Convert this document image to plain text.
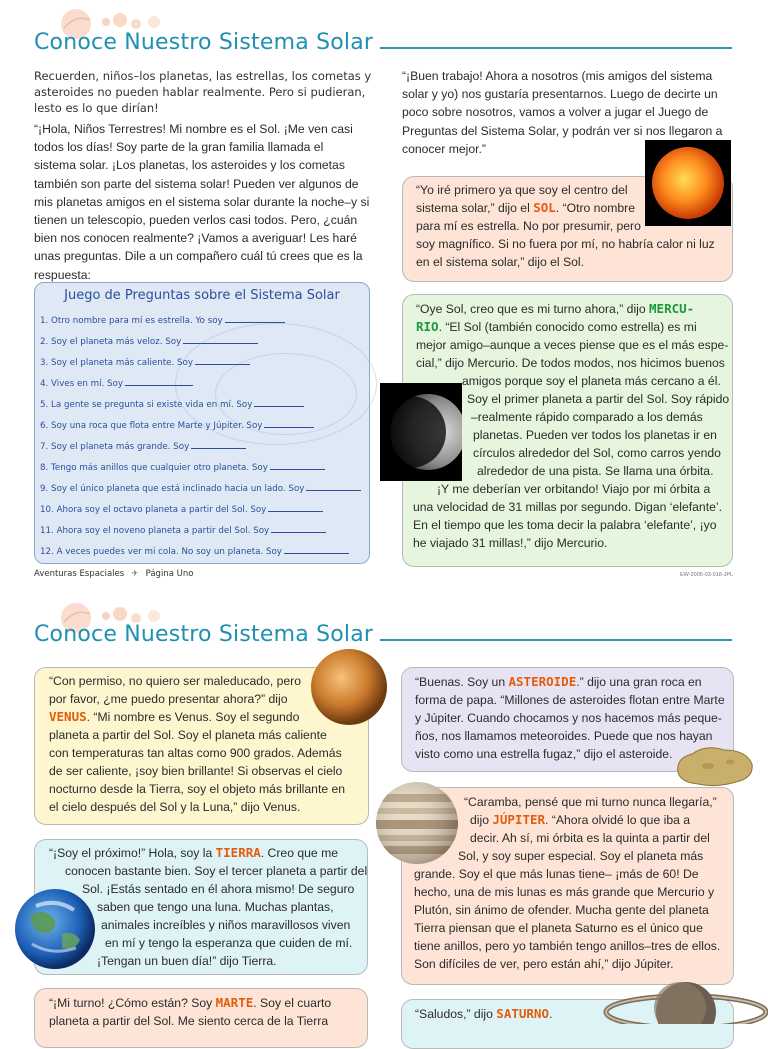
Conoce Nuestro Sistema Solar
Recuerden, niños–los planetas, las estrellas, los cometas y
asteroides no pueden hablar realmente. Pero si pudieran,
lesto es lo que dirían!
“¡Hola, Niños Terrestres! Mi nombre es el Sol. ¡Me ven casi
todos los días! Soy parte de la gran familia llamada el
sistema solar. ¡Los planetas, los asteroides y los cometas
también son parte del sistema solar! Pueden ver algunos de
mis planetas amigos en el sistema solar durante la noche–y si
tienen un telescopio, pueden verlos casi todos. Pero, ¿cuán
bien nos conocen realmente? ¡Vamos a averiguar! Les haré
unas preguntas. Dile a un compañero cuál tú crees que es la
respuesta:
Juego de Preguntas sobre el Sistema Solar
1. Otro nombre para mí es estrella. Yo soy
2. Soy el planeta más veloz. Soy
3. Soy el planeta más caliente. Soy
4. Vives en mí. Soy
5. La gente se pregunta si existe vida en mí. Soy
6. Soy una roca que flota entre Marte y Júpiter. Soy
7. Soy el planeta más grande. Soy
8. Tengo más anillos que cualquier otro planeta. Soy
9. Soy el único planeta que está inclinado hacia un lado. Soy
10. Ahora soy el octavo planeta a partir del Sol. Soy
11. Ahora soy el noveno planeta a partir del Sol. Soy
12. A veces puedes ver mi cola. No soy un planeta. Soy
Aventuras Espaciales ✈ Página Uno	EW-2005-03-018-JPL
“¡Buen trabajo! Ahora a nosotros (mis amigos del sistema
solar y yo) nos gustaría presentarnos. Luego de decirte un
poco sobre nosotros, vamos a volver a jugar el Juego de
Preguntas del Sistema Solar, y podrán ver si nos llegaron a
conocer mejor.”
“Yo iré primero ya que soy el centro del
sistema solar,” dijo el SOL. “Otro nombre
para mí es estrella. No por presumir, pero
soy magnífico. Si no fuera por mí, no habría calor ni luz
en el sistema solar,” dijo el Sol.
“Oye Sol, creo que es mi turno ahora,” dijo MERCU-
RIO. “El Sol (también conocido como estrella) es mi
mejor amigo–aunque a veces piense que es el más espe-
cial,” dijo Mercurio. De todos modos, nos hicimos buenos
amigos porque soy el planeta más cercano a él.
Soy el primer planeta a partir del Sol. Soy rápido
–realmente rápido comparado a los demás
planetas. Pueden ver todos los planetas ir en
círculos alrededor del Sol, como carros yendo
alrededor de una pista. Se llama una órbita.
¡Y me deberían ver orbitando! Viajo por mi órbita a
una velocidad de 31 millas por segundo. Digan ‘elefante’.
En el tiempo que les toma decir la palabra ‘elefante’, ¡yo
he viajado 31 millas!,” dijo Mercurio.
Conoce Nuestro Sistema Solar
“Con permiso, no quiero ser maleducado, pero
por favor, ¿me puedo presentar ahora?” dijo
VENUS. “Mi nombre es Venus. Soy el segundo
planeta a partir del Sol. Soy el planeta más caliente
con temperaturas tan altas como 900 grados. Además
de ser caliente, ¡soy bien brillante! Si observas el cielo
nocturno desde la Tierra, soy el objeto más brillante en
el cielo después del Sol y la Luna,” dijo Venus.
“¡Soy el próximo!” Hola, soy la TIERRA. Creo que me
conocen bastante bien. Soy el tercer planeta a partir del
Sol. ¡Estás sentado en él ahora mismo! De seguro
saben que tengo una luna. Muchas plantas,
animales increíbles y niños maravillosos viven
en mí y tengo la esperanza que cuiden de mí.
¡Tengan un buen día!” dijo Tierra.
“¡Mi turno! ¿Cómo están? Soy MARTE. Soy el cuarto
planeta a partir del Sol. Me siento cerca de la Tierra
“Buenas. Soy un ASTEROIDE.” dijo una gran roca en
forma de papa. “Millones de asteroides flotan entre Marte
y Júpiter. Cuando chocamos y nos hacemos más peque-
ños, nos llamamos meteoroides. Puede que nos hayan
visto como una estrella fugaz,” dijo el asteroide.
“Caramba, pensé que mi turno nunca llegaría,”
dijo JÚPITER. “Ahora olvidé lo que iba a
decir. Ah sí, mi órbita es la quinta a partir del
Sol, y soy super especial. Soy el planeta más
grande. Soy el que más lunas tiene– ¡más de 60! De
hecho, una de mis lunas es más grande que Mercurio y
Plutón, sin ánimo de ofender. Mucha gente del planeta
Tierra piensan que el planeta Saturno es el único que
tiene anillos, pero yo también tengo anillos–tres de ellos.
Son difíciles de ver, pero están ahí,” dijo Júpiter.
“Saludos,” dijo SATURNO.
